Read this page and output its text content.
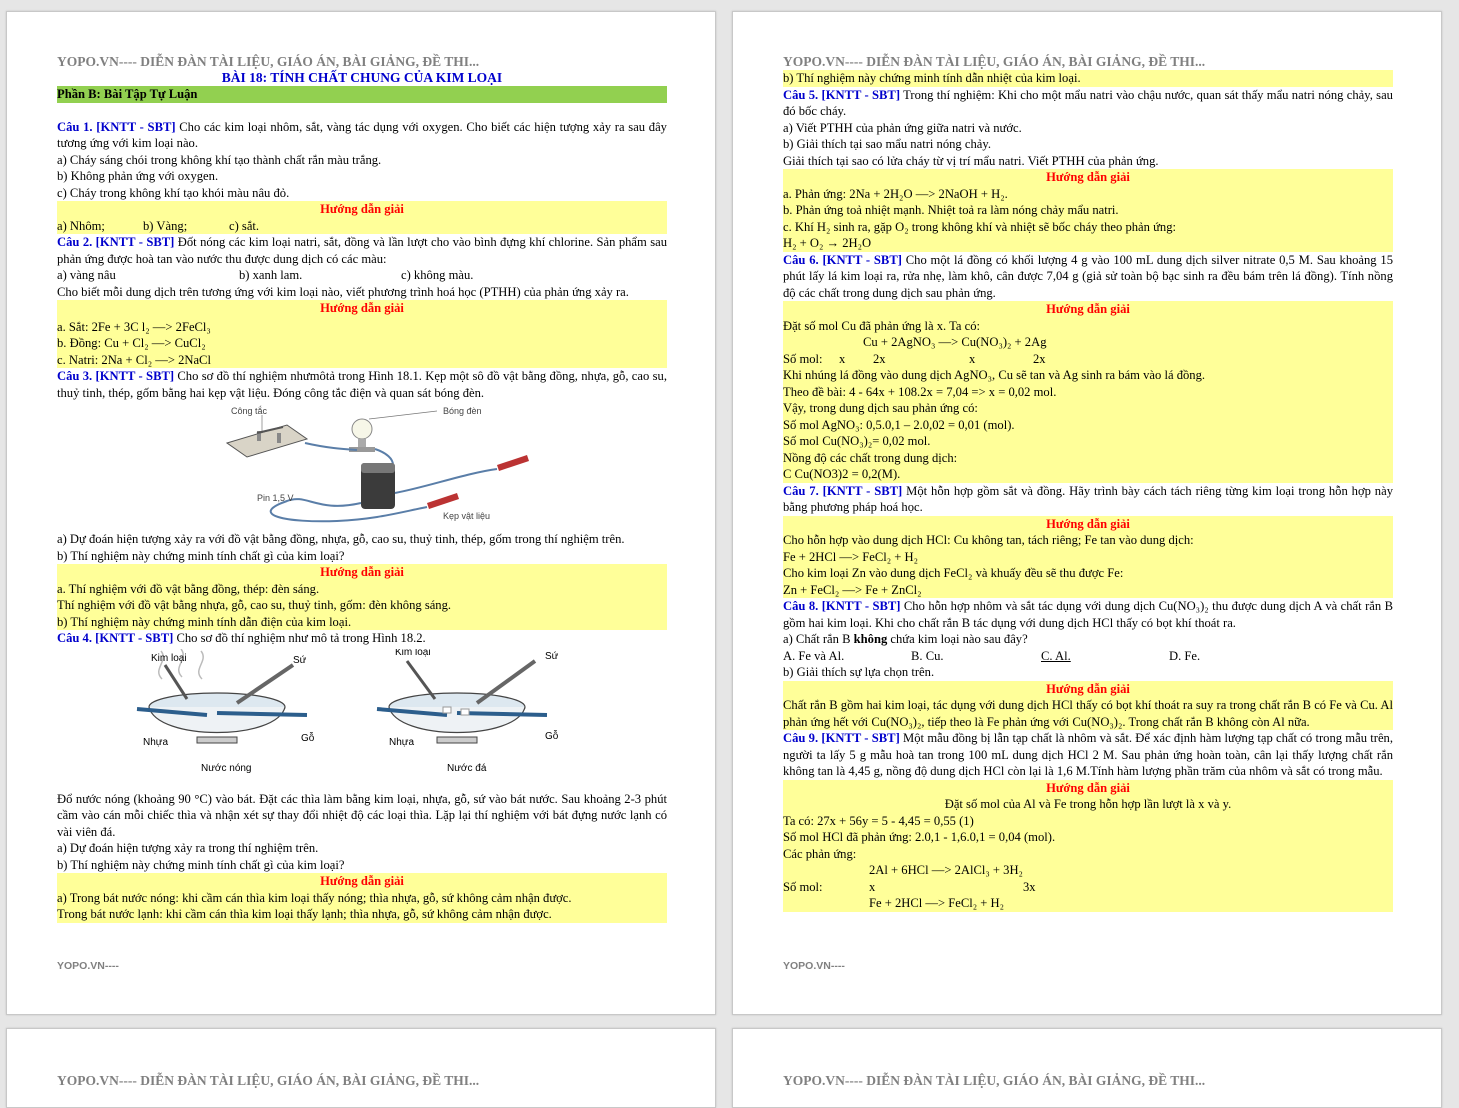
YOPO.VN---- DIỄN ĐÀN TÀI LIỆU, GIÁO ÁN, BÀI GIẢNG, ĐỀ THI...
BÀI 18: TÍNH CHẤT CHUNG CỦA KIM LOẠI
Phần B: Bài Tập Tự Luận
Câu 1. [KNTT - SBT] Cho các kim loại nhôm, sắt, vàng tác dụng với oxygen. Cho biết các hiện tượng xảy ra sau đây tương ứng với kim loại nào.
a) Cháy sáng chói trong không khí tạo thành chất rắn màu trắng.
b) Không phản ứng với oxygen.
c) Cháy trong không khí tạo khói màu nâu đỏ.
Hướng dẫn giải
a) Nhôm;	b) Vàng;	c) sắt.
Câu 2. [KNTT - SBT] Đốt nóng các kim loại natri, sắt, đồng và lần lượt cho vào bình đựng khí chlorine. Sản phẩm sau phản ứng được hoà tan vào nước thu được dung dịch có các màu:
a) vàng nâu	b) xanh lam.	c) không màu.
Cho biết mỗi dung dịch trên tương ứng với kim loại nào, viết phương trình hoá học (PTHH) của phản ứng xảy ra.
Hướng dẫn giải
a. Sắt: 2Fe + 3C l₂ —> 2FeCl₃
b. Đồng: Cu + Cl₂ —> CuCl₂
c. Natri: 2Na + Cl₂ —> 2NaCl
Câu 3. [KNTT - SBT] Cho sơ đồ thí nghiệm nhưmôtả trong Hình 18.1. Kẹp một sô đồ vật bằng đồng, nhựa, gỗ, cao su, thuỷ tinh, thép, gốm bằng hai kẹp vật liệu. Đóng công tắc điện và quan sát bóng đèn.
Công tắc	Bóng đèn
Pin 1,5 V
Kẹp vật liệu
a) Dự đoán hiện tượng xảy ra với đồ vật bằng đồng, nhựa, gỗ, cao su, thuỷ tinh, thép, gốm trong thí nghiệm trên.
b) Thí nghiệm này chứng minh tính chất gì của kim loại?
Hướng dẫn giải
a. Thí nghiệm với đồ vật bằng đồng, thép: đèn sáng.
Thí nghiệm với đồ vật bằng nhựa, gỗ, cao su, thuỷ tinh, gốm: đèn không sáng.
b) Thí nghiệm này chứng minh tính dẫn điện của kim loại.
Câu 4. [KNTT - SBT] Cho sơ đồ thí nghiệm như mô tả trong Hình 18.2.
Kim loại	Sứ
Nhựa	Gỗ
Nước nóng
Kim loại	Sứ
Nhựa
Gỗ
Nước đá
Đổ nước nóng (khoảng 90 °C) vào bát. Đặt các thìa làm bằng kim loại, nhựa, gỗ, sứ vào bát nước. Sau khoảng 2-3 phút cầm vào cán mỗi chiếc thìa và nhận xét sự thay đổi nhiệt độ các loại thìa. Lặp lại thí nghiệm với bát đựng nước lạnh có vài viên đá.
a) Dự đoán hiện tượng xảy ra trong thí nghiệm trên.
b) Thí nghiệm này chứng minh tính chất gì của kim loại?
Hướng dẫn giải
a) Trong bát nước nóng: khi cầm cán thìa kim loại thấy nóng; thìa nhựa, gỗ, sứ không cảm nhận được.
Trong bát nước lạnh: khi cầm cán thìa kim loại thấy lạnh; thìa nhựa, gỗ, sứ không cảm nhận được.
YOPO.VN----
YOPO.VN---- DIỄN ĐÀN TÀI LIỆU, GIÁO ÁN, BÀI GIẢNG, ĐỀ THI...
b) Thí nghiệm này chứng minh tính dẫn nhiệt của kim loại.
Câu 5. [KNTT - SBT] Trong thí nghiệm: Khi cho một mẩu natri vào chậu nước, quan sát thấy mẩu natri nóng chảy, sau đó bốc cháy.
a) Viết PTHH của phản ứng giữa natri và nước.
b) Giải thích tại sao mẩu natri nóng chảy.
Giải thích tại sao có lửa cháy từ vị trí mẩu natri. Viết PTHH của phản ứng.
Hướng dẫn giải
a. Phản ứng: 2Na + 2H₂O —> 2NaOH + H₂.
b. Phản ứng toả nhiệt mạnh. Nhiệt toả ra làm nóng chảy mẩu natri.
c. Khí H₂ sinh ra, gặp O₂ trong không khí và nhiệt sẽ bốc cháy theo phản ứng:
H₂ + O₂ → 2H₂O
Câu 6. [KNTT - SBT] Cho một lá đồng có khối lượng 4 g vào 100 mL dung dịch silver nitrate 0,5 M. Sau khoảng 15 phút lấy lá kim loại ra, rửa nhẹ, làm khô, cân được 7,04 g (giả sử toàn bộ bạc sinh ra đều bám trên lá đồng). Tính nồng độ các chất trong dung dịch sau phản ứng.
Hướng dẫn giải
Đặt số mol Cu đã phản ứng là x. Ta có:
Cu + 2AgNO₃ —> Cu(NO₃)₂ + 2Ag
Số mol: x 2x	x	2x
Khi nhúng lá đồng vào dung dịch AgNO₃, Cu sẽ tan và Ag sinh ra bám vào lá đồng.
Theo đề bài: 4 - 64x + 108.2x = 7,04 => x = 0,02 mol.
Vậy, trong dung dịch sau phản ứng có:
Số mol AgNO₃: 0,5.0,1 – 2.0,02 = 0,01 (mol).
Số mol Cu(NO₃)₂= 0,02 mol.
Nồng độ các chất trong dung dịch:
C Cu(NO3)2 = 0,2(M).
Câu 7. [KNTT - SBT] Một hỗn hợp gồm sắt và đồng. Hãy trình bày cách tách riêng từng kim loại trong hỗn hợp này bằng phương pháp hoá học.
Hướng dẫn giải
Cho hỗn hợp vào dung dịch HCl: Cu không tan, tách riêng; Fe tan vào dung dịch:
Fe + 2HCl —> FeCl₂ + H₂
Cho kim loại Zn vào dung dịch FeCl₂ và khuấy đều sẽ thu được Fe:
Zn + FeCl₂ —> Fe + ZnCl₂
Câu 8. [KNTT - SBT] Cho hỗn hợp nhôm và sắt tác dụng với dung dịch Cu(NO₃)₂ thu được dung dịch A và chất rắn B gồm hai kim loại. Khi cho chất rắn B tác dụng với dung dịch HCl thấy có bọt khí thoát ra.
a) Chất rắn B không chứa kim loại nào sau đây?
A. Fe và Al.	B. Cu.	C. Al.	D. Fe.
b) Giải thích sự lựa chọn trên.
Hướng dẫn giải
Chất rắn B gồm hai kim loại, tác dụng với dung dịch HCl thấy có bọt khí thoát ra suy ra trong chất rắn B có Fe và Cu. Al phản ứng hết với Cu(NO₃)₂, tiếp theo là Fe phản ứng với Cu(NO₃)₂. Trong chất rắn B không còn Al nữa.
Câu 9. [KNTT - SBT] Một mẫu đồng bị lẫn tạp chất là nhôm và sắt. Để xác định hàm lượng tạp chất có trong mẫu trên, người ta lấy 5 g mẫu hoà tan trong 100 mL dung dịch HCl 2 M. Sau phản ứng hoàn toàn, cân lại thấy lượng chất rắn không tan là 4,45 g, nồng độ dung dịch HCl còn lại là 1,6 M.Tính hàm lượng phần trăm của nhôm và sắt có trong mẫu.
Hướng dẫn giải
Đặt số mol của Al và Fe trong hỗn hợp lần lượt là x và y.
Ta có: 27x + 56y = 5 - 4,45 = 0,55 (1)
Số mol HCl đã phản ứng: 2.0,1 - 1,6.0,1 = 0,04 (mol).
Các phản ứng:
2Al + 6HCl —> 2AlCl₃ + 3H₂
Số mol:	x	3x
Fe + 2HCl —> FeCl₂ + H₂
YOPO.VN----
YOPO.VN---- DIỄN ĐÀN TÀI LIỆU, GIÁO ÁN, BÀI GIẢNG, ĐỀ THI...	YOPO.VN---- DIỄN ĐÀN TÀI LIỆU, GIÁO ÁN, BÀI GIẢNG, ĐỀ THI...
